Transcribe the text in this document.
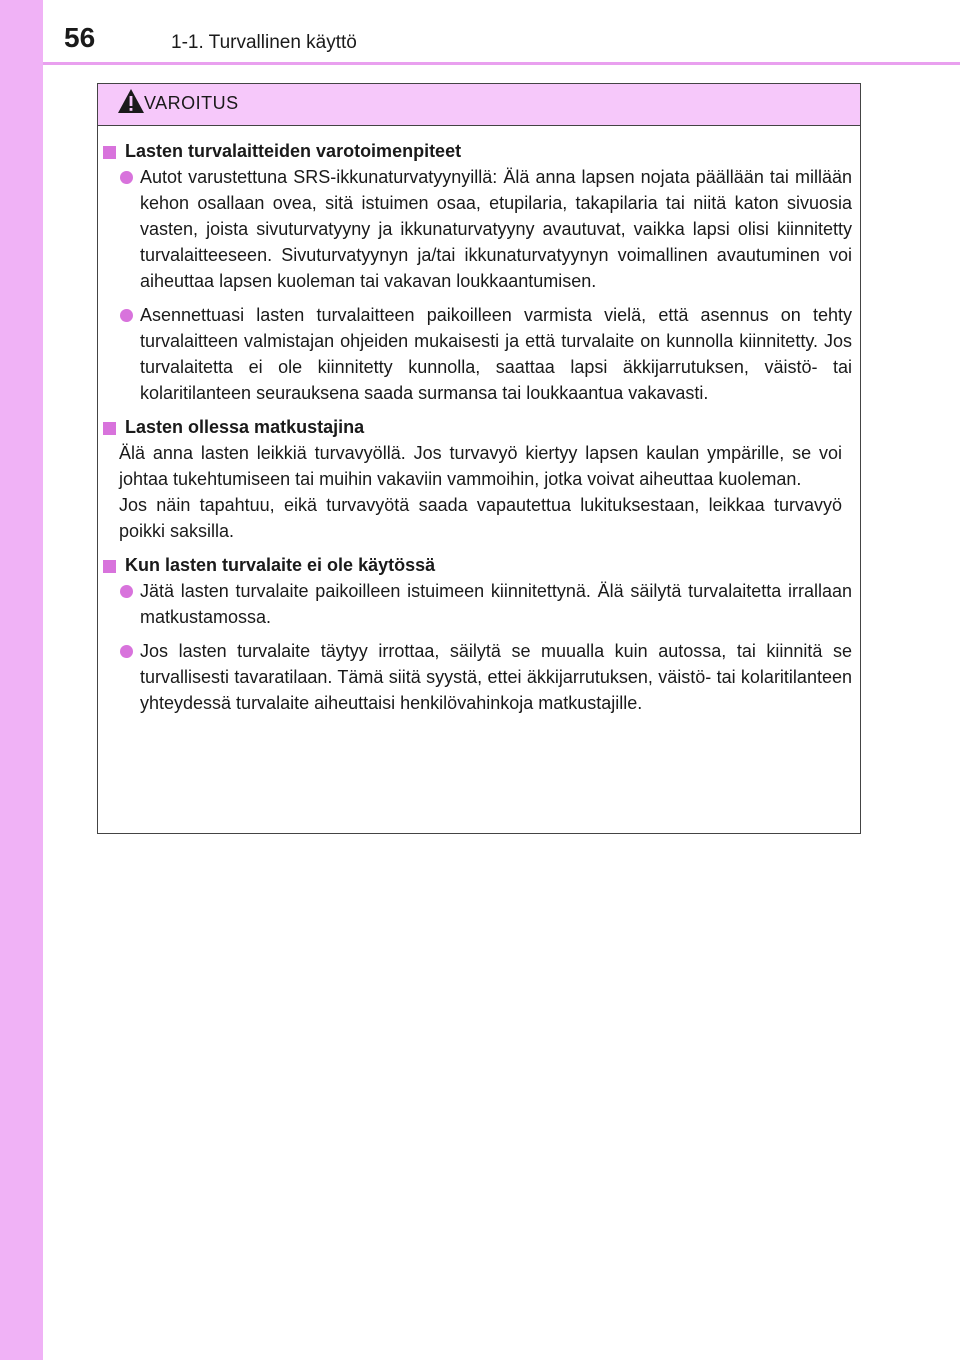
56	1-1. Turvallinen käyttö
VAROITUS
Lasten turvalaitteiden varotoimenpiteet
Autot varustettuna SRS-ikkunaturvatyynyillä: Älä anna lapsen nojata päällään tai millään kehon osallaan ovea, sitä istuimen osaa, etupilaria, takapilaria tai niitä katon sivuosia vasten, joista sivuturvatyyny ja ikkunaturvatyyny avautuvat, vaikka lapsi olisi kiinnitetty turvalaitteeseen. Sivuturvatyynyn ja/tai ikkunaturvatyynyn voimallinen avautuminen voi aiheuttaa lapsen kuoleman tai vakavan loukkaantumisen.
Asennettuasi lasten turvalaitteen paikoilleen varmista vielä, että asennus on tehty turvalaitteen valmistajan ohjeiden mukaisesti ja että turvalaite on kunnolla kiinnitetty. Jos turvalaitetta ei ole kiinnitetty kunnolla, saattaa lapsi äkkijarrutuksen, väistö- tai kolaritilanteen seurauksena saada surmansa tai loukkaantua vakavasti.
Lasten ollessa matkustajina
Älä anna lasten leikkiä turvavyöllä. Jos turvavyö kiertyy lapsen kaulan ympärille, se voi johtaa tukehtumiseen tai muihin vakaviin vammoihin, jotka voivat aiheuttaa kuoleman.
Jos näin tapahtuu, eikä turvavyötä saada vapautettua lukituksestaan, leikkaa turvavyö poikki saksilla.
Kun lasten turvalaite ei ole käytössä
Jätä lasten turvalaite paikoilleen istuimeen kiinnitettynä. Älä säilytä turvalaitetta irrallaan matkustamossa.
Jos lasten turvalaite täytyy irrottaa, säilytä se muualla kuin autossa, tai kiinnitä se turvallisesti tavaratilaan. Tämä siitä syystä, ettei äkkijarrutuksen, väistö- tai kolaritilanteen yhteydessä turvalaite aiheuttaisi henkilövahinkoja matkustajille.
